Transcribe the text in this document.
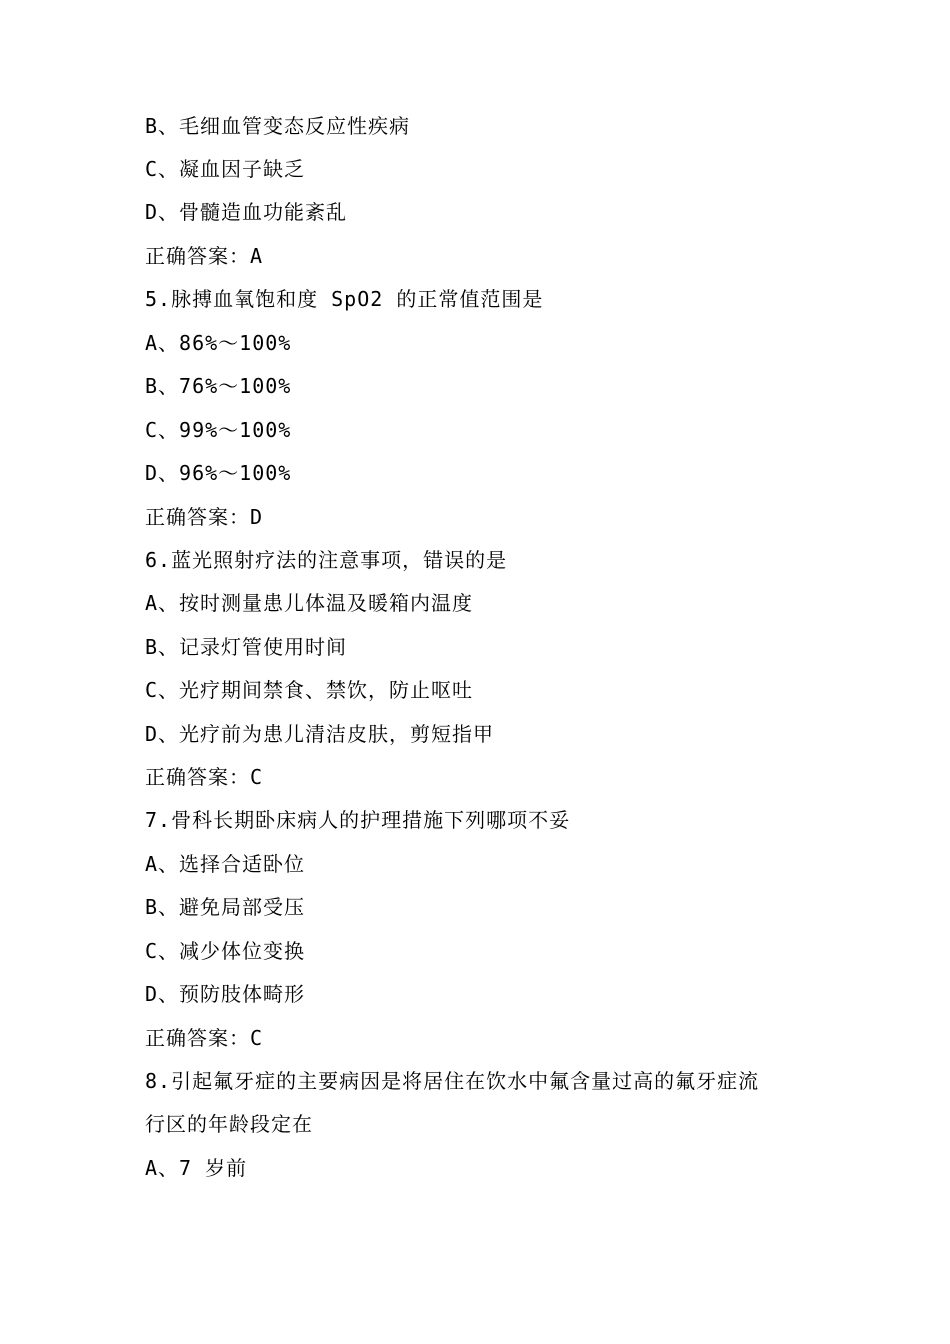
B、毛细血管变态反应性疾病
C、凝血因子缺乏
D、骨髓造血功能紊乱
正确答案：A
5.脉搏血氧饱和度 SpO2 的正常值范围是
A、86%～100%
B、76%～100%
C、99%～100%
D、96%～100%
正确答案：D
6.蓝光照射疗法的注意事项，错误的是
A、按时测量患儿体温及暖箱内温度
B、记录灯管使用时间
C、光疗期间禁食、禁饮，防止呕吐
D、光疗前为患儿清洁皮肤，剪短指甲
正确答案：C
7.骨科长期卧床病人的护理措施下列哪项不妥
A、选择合适卧位
B、避免局部受压
C、减少体位变换
D、预防肢体畸形
正确答案：C
8.引起氟牙症的主要病因是将居住在饮水中氟含量过高的氟牙症流
行区的年龄段定在
A、7 岁前
